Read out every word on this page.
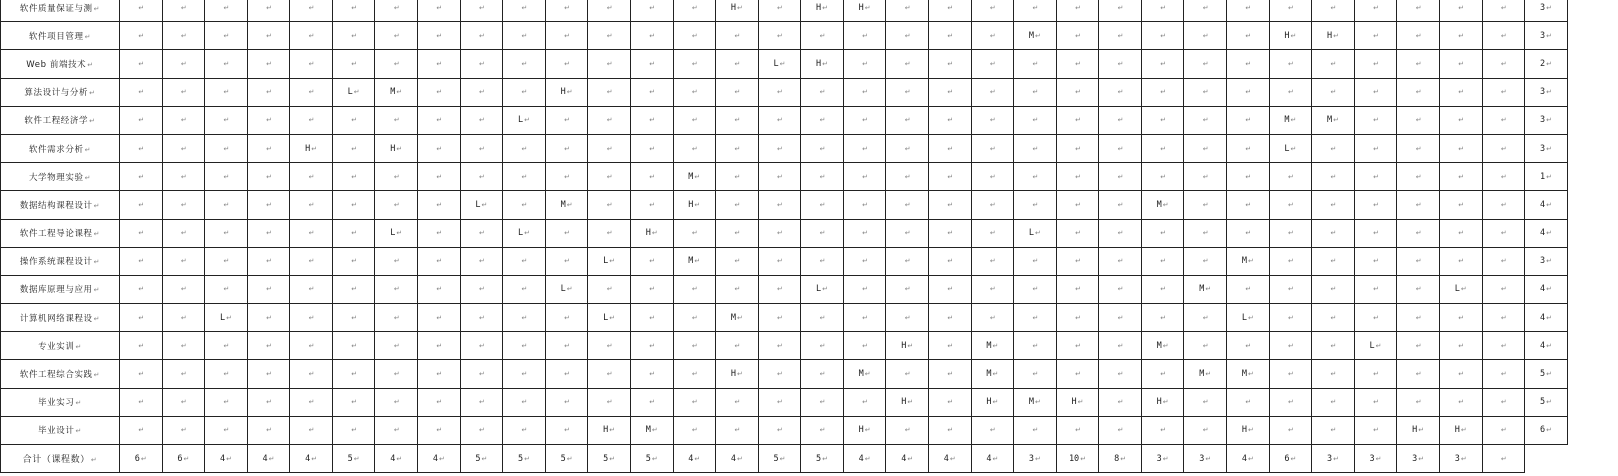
软件质量保证与测↵	↵	↵	↵	↵	↵	↵	↵	↵	↵	↵	↵	↵	↵	↵	H↵	↵	H↵	H↵	↵	↵	↵	↵	↵	↵	↵	↵	↵	↵	↵	↵	↵	↵	↵	3↵
软件项目管理↵	↵	↵	↵	↵	↵	↵	↵	↵	↵	↵	↵	↵	↵	↵	↵	↵	↵	↵	↵	↵	↵	M↵	↵	↵	↵	↵	↵	H↵	H↵	↵	↵	↵	↵	3↵
Web 前端技术↵	↵	↵	↵	↵	↵	↵	↵	↵	↵	↵	↵	↵	↵	↵	↵	L↵	H↵	↵	↵	↵	↵	↵	↵	↵	↵	↵	↵	↵	↵	↵	↵	↵	↵	2↵
算法设计与分析↵	↵	↵	↵	↵	↵	L↵	M↵	↵	↵	↵	H↵	↵	↵	↵	↵	↵	↵	↵	↵	↵	↵	↵	↵	↵	↵	↵	↵	↵	↵	↵	↵	↵	↵	3↵
软件工程经济学↵	↵	↵	↵	↵	↵	↵	↵	↵	↵	L↵	↵	↵	↵	↵	↵	↵	↵	↵	↵	↵	↵	↵	↵	↵	↵	↵	↵	M↵	M↵	↵	↵	↵	↵	3↵
软件需求分析↵	↵	↵	↵	↵	H↵	↵	H↵	↵	↵	↵	↵	↵	↵	↵	↵	↵	↵	↵	↵	↵	↵	↵	↵	↵	↵	↵	↵	L↵	↵	↵	↵	↵	↵	3↵
大学物理实验↵	↵	↵	↵	↵	↵	↵	↵	↵	↵	↵	↵	↵	↵	M↵	↵	↵	↵	↵	↵	↵	↵	↵	↵	↵	↵	↵	↵	↵	↵	↵	↵	↵	↵	1↵
数据结构课程设计↵	↵	↵	↵	↵	↵	↵	↵	↵	L↵	↵	M↵	↵	↵	H↵	↵	↵	↵	↵	↵	↵	↵	↵	↵	↵	M↵	↵	↵	↵	↵	↵	↵	↵	↵	4↵
软件工程导论课程↵	↵	↵	↵	↵	↵	↵	L↵	↵	↵	L↵	↵	↵	H↵	↵	↵	↵	↵	↵	↵	↵	↵	L↵	↵	↵	↵	↵	↵	↵	↵	↵	↵	↵	↵	4↵
操作系统课程设计↵	↵	↵	↵	↵	↵	↵	↵	↵	↵	↵	↵	L↵	↵	M↵	↵	↵	↵	↵	↵	↵	↵	↵	↵	↵	↵	↵	M↵	↵	↵	↵	↵	↵	↵	3↵
数据库原理与应用↵	↵	↵	↵	↵	↵	↵	↵	↵	↵	↵	L↵	↵	↵	↵	↵	↵	L↵	↵	↵	↵	↵	↵	↵	↵	↵	M↵	↵	↵	↵	↵	↵	L↵	↵	4↵
计算机网络课程设↵	↵	↵	L↵	↵	↵	↵	↵	↵	↵	↵	↵	L↵	↵	↵	M↵	↵	↵	↵	↵	↵	↵	↵	↵	↵	↵	↵	L↵	↵	↵	↵	↵	↵	↵	4↵
专业实训↵	↵	↵	↵	↵	↵	↵	↵	↵	↵	↵	↵	↵	↵	↵	↵	↵	↵	↵	H↵	↵	M↵	↵	↵	↵	M↵	↵	↵	↵	↵	L↵	↵	↵	↵	4↵
软件工程综合实践↵	↵	↵	↵	↵	↵	↵	↵	↵	↵	↵	↵	↵	↵	↵	H↵	↵	↵	M↵	↵	↵	M↵	↵	↵	↵	↵	M↵	M↵	↵	↵	↵	↵	↵	↵	5↵
毕业实习↵	↵	↵	↵	↵	↵	↵	↵	↵	↵	↵	↵	↵	↵	↵	↵	↵	↵	↵	H↵	↵	H↵	M↵	H↵	↵	H↵	↵	↵	↵	↵	↵	↵	↵	↵	5↵
毕业设计↵	↵	↵	↵	↵	↵	↵	↵	↵	↵	↵	↵	H↵	M↵	↵	↵	↵	↵	H↵	↵	↵	↵	↵	↵	↵	↵	↵	H↵	↵	↵	↵	H↵	H↵	↵	6↵
合计（课程数）↵	6↵	6↵	4↵	4↵	4↵	5↵	4↵	4↵	5↵	5↵	5↵	5↵	5↵	4↵	4↵	5↵	5↵	4↵	4↵	4↵	4↵	3↵	10↵	8↵	3↵	3↵	4↵	6↵	3↵	3↵	3↵	3↵	↵	
